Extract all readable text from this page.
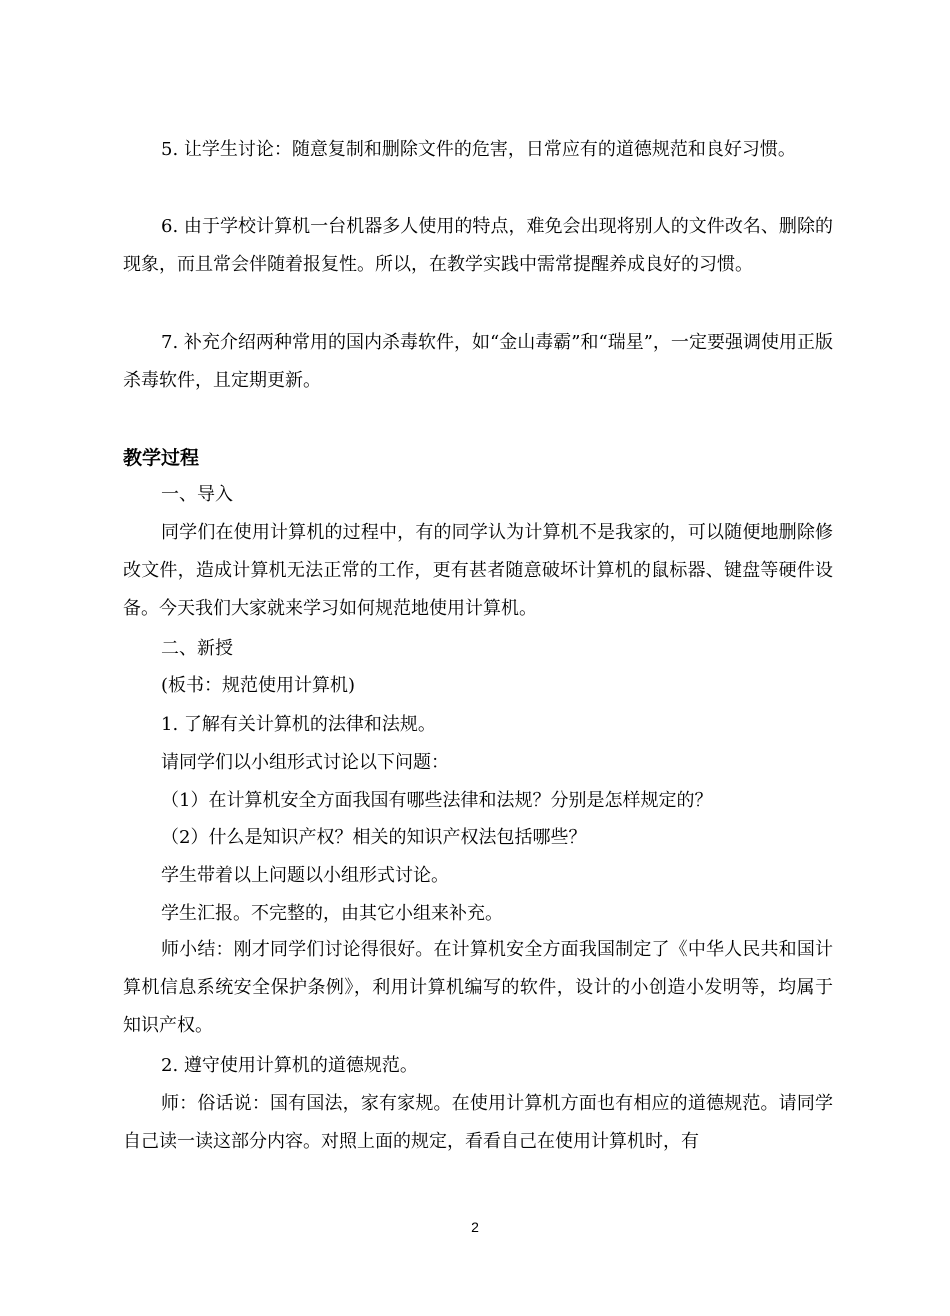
5. 让学生讨论：随意复制和删除文件的危害，日常应有的道德规范和良好习惯。
6. 由于学校计算机一台机器多人使用的特点，难免会出现将别人的文件改名、删除的现象，而且常会伴随着报复性。所以，在教学实践中需常提醒养成良好的习惯。
7. 补充介绍两种常用的国内杀毒软件，如“金山毒霸”和“瑞星”，一定要强调使用正版杀毒软件，且定期更新。
教学过程
一、导入
同学们在使用计算机的过程中，有的同学认为计算机不是我家的，可以随便地删除修改文件，造成计算机无法正常的工作，更有甚者随意破坏计算机的鼠标器、键盘等硬件设备。今天我们大家就来学习如何规范地使用计算机。
二、新授
(板书：规范使用计算机)
1. 了解有关计算机的法律和法规。
请同学们以小组形式讨论以下问题：
（1）在计算机安全方面我国有哪些法律和法规？分别是怎样规定的？
（2）什么是知识产权？相关的知识产权法包括哪些？
学生带着以上问题以小组形式讨论。
学生汇报。不完整的，由其它小组来补充。
师小结：刚才同学们讨论得很好。在计算机安全方面我国制定了《中华人民共和国计算机信息系统安全保护条例》，利用计算机编写的软件，设计的小创造小发明等，均属于知识产权。
2. 遵守使用计算机的道德规范。
师：俗话说：国有国法，家有家规。在使用计算机方面也有相应的道德规范。请同学自己读一读这部分内容。对照上面的规定，看看自己在使用计算机时，有
2
